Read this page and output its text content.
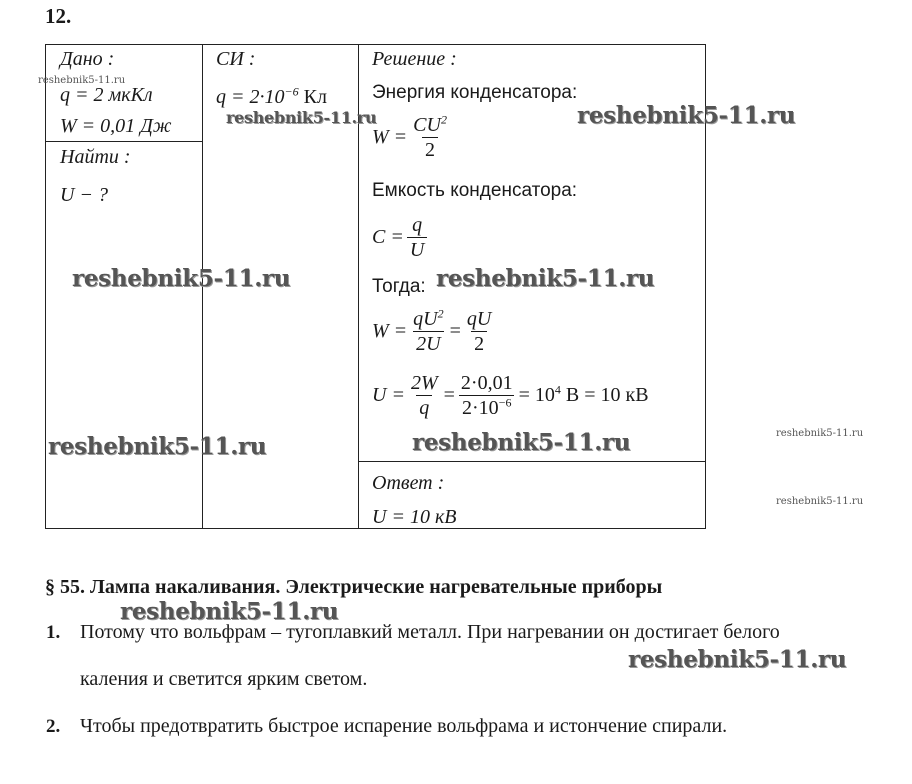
12.
Дано :
q = 2 мкКл
W = 0,01 Дж
Найти :
U − ?
СИ :
$q = 2\cdot 10^{-6}$ Кл
Решение :
Энергия конденсатора:
$W = \frac{CU^2}{2}$
Емкость конденсатора:
$C = \frac{q}{U}$
Тогда:
$W = \frac{qU^2}{2U} = \frac{qU}{2}$
$U = \frac{2W}{q} = \frac{2\cdot 0,01}{2\cdot 10^{-6}} = 10^4$ В = 10 кВ
Ответ :
U = 10 кВ
reshebnik5-11.ru
reshebnik5-11.ru
reshebnik5-11.ru
reshebnik5-11.ru	reshebnik5-11.ru
reshebnik5-11.ru	reshebnik5-11.ru
reshebnik5-11.ru	reshebnik5-11.ru
reshebnik5-11.ru
reshebnik5-11.ru
§ 55. Лампа накаливания. Электрические нагревательные приборы
1. Потому что вольфрам – тугоплавкий металл. При нагревании он достигает белого
каления и светится ярким светом.
2. Чтобы предотвратить быстрое испарение вольфрама и истончение спирали.
